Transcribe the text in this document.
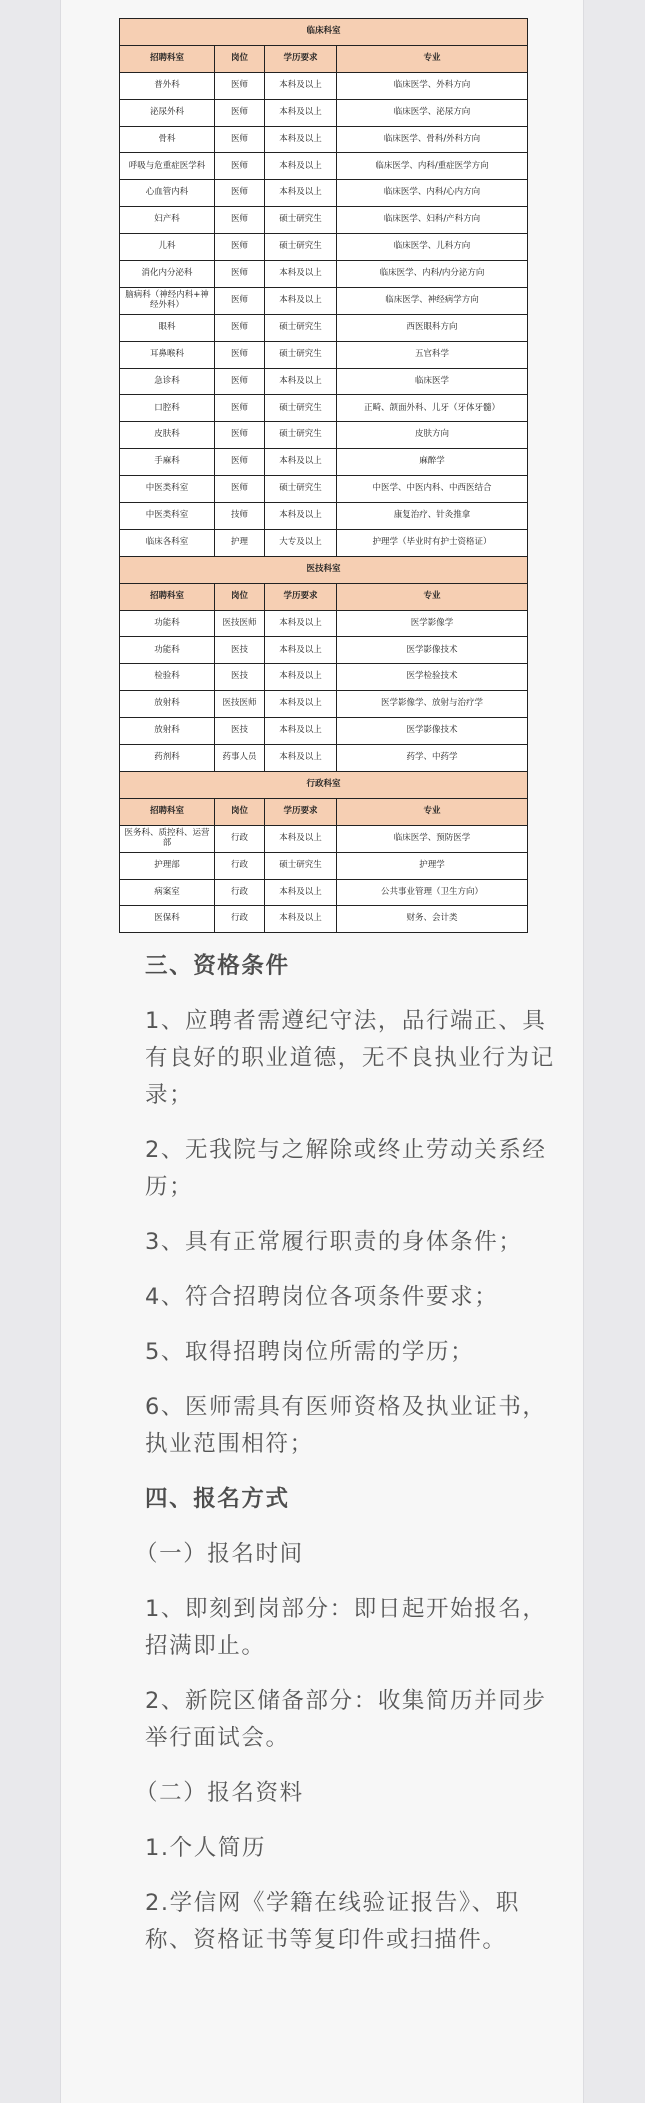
临床科室			
招聘科室	岗位	学历要求	专业
普外科	医师	本科及以上	临床医学、外科方向
泌尿外科	医师	本科及以上	临床医学、泌尿方向
骨科	医师	本科及以上	临床医学、骨科/外科方向
呼吸与危重症医学科	医师	本科及以上	临床医学、内科/重症医学方向
心血管内科	医师	本科及以上	临床医学、内科/心内方向
妇产科	医师	硕士研究生	临床医学、妇科/产科方向
儿科	医师	硕士研究生	临床医学、儿科方向
消化内分泌科	医师	本科及以上	临床医学、内科/内分泌方向
脑病科（神经内科+神经外科）	医师	本科及以上	临床医学、神经病学方向
眼科	医师	硕士研究生	西医眼科方向
耳鼻喉科	医师	硕士研究生	五官科学
急诊科	医师	本科及以上	临床医学
口腔科	医师	硕士研究生	正畸、颌面外科、儿牙（牙体牙髓）
皮肤科	医师	硕士研究生	皮肤方向
手麻科	医师	本科及以上	麻醉学
中医类科室	医师	硕士研究生	中医学、中医内科、中西医结合
中医类科室	技师	本科及以上	康复治疗、针灸推拿
临床各科室	护理	大专及以上	护理学（毕业时有护士资格证）
医技科室			
招聘科室	岗位	学历要求	专业
功能科	医技医师	本科及以上	医学影像学
功能科	医技	本科及以上	医学影像技术
检验科	医技	本科及以上	医学检验技术
放射科	医技医师	本科及以上	医学影像学、放射与治疗学
放射科	医技	本科及以上	医学影像技术
药剂科	药事人员	本科及以上	药学、中药学
行政科室			
招聘科室	岗位	学历要求	专业
医务科、质控科、运营部	行政	本科及以上	临床医学、预防医学
护理部	行政	硕士研究生	护理学
病案室	行政	本科及以上	公共事业管理（卫生方向）
医保科	行政	本科及以上	财务、会计类

三、资格条件

1、应聘者需遵纪守法，品行端正、具有良好的职业道德，无不良执业行为记录；

2、无我院与之解除或终止劳动关系经历；

3、具有正常履行职责的身体条件；

4、符合招聘岗位各项条件要求；

5、取得招聘岗位所需的学历；

6、医师需具有医师资格及执业证书，执业范围相符；

四、报名方式

（一）报名时间

1、即刻到岗部分：即日起开始报名，招满即止。

2、新院区储备部分：收集简历并同步举行面试会。

（二）报名资料

1.个人简历

2.学信网《学籍在线验证报告》、职称、资格证书等复印件或扫描件。
